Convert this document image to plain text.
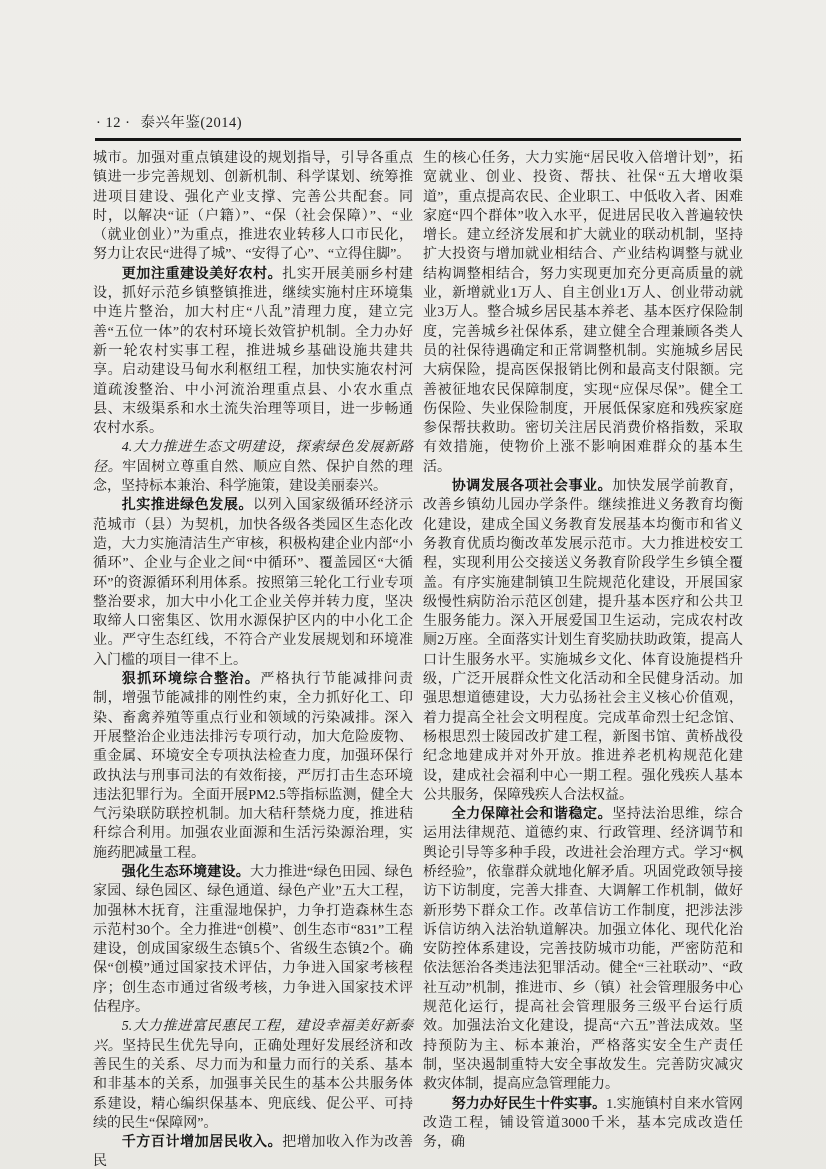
· 12 · 泰兴年鉴(2014)

城市。加强对重点镇建设的规划指导，引导各重点镇进一步完善规划、创新机制、科学谋划、统筹推进项目建设、强化产业支撑、完善公共配套。同时，以解决“证（户籍）”、“保（社会保障）”、“业（就业创业）”为重点，推进农业转移人口市民化，努力让农民“进得了城”、“安得了心”、“立得住脚”。

更加注重建设美好农村。扎实开展美丽乡村建设，抓好示范乡镇整镇推进，继续实施村庄环境集中连片整治，加大村庄“八乱”清理力度，建立完善“五位一体”的农村环境长效管护机制。全力办好新一轮农村实事工程，推进城乡基础设施共建共享。启动建设马甸水利枢纽工程，加快实施农村河道疏浚整治、中小河流治理重点县、小农水重点县、末级渠系和水土流失治理等项目，进一步畅通农村水系。

4.大力推进生态文明建设，探索绿色发展新路径。牢固树立尊重自然、顺应自然、保护自然的理念，坚持标本兼治、科学施策，建设美丽泰兴。

扎实推进绿色发展。以列入国家级循环经济示范城市（县）为契机，加快各级各类园区生态化改造，大力实施清洁生产审核，积极构建企业内部“小循环”、企业与企业之间“中循环”、覆盖园区“大循环”的资源循环利用体系。按照第三轮化工行业专项整治要求，加大中小化工企业关停并转力度，坚决取缔人口密集区、饮用水源保护区内的中小化工企业。严守生态红线，不符合产业发展规划和环境准入门槛的项目一律不上。

狠抓环境综合整治。严格执行节能减排问责制，增强节能减排的刚性约束，全力抓好化工、印染、畜禽养殖等重点行业和领域的污染减排。深入开展整治企业违法排污专项行动，加大危险废物、重金属、环境安全专项执法检查力度，加强环保行政执法与刑事司法的有效衔接，严厉打击生态环境违法犯罪行为。全面开展PM2.5等指标监测，健全大气污染联防联控机制。加大秸秆禁烧力度，推进秸秆综合利用。加强农业面源和生活污染源治理，实施药肥减量工程。

强化生态环境建设。大力推进“绿色田园、绿色家园、绿色园区、绿色通道、绿色产业”五大工程，加强林木抚育，注重湿地保护，力争打造森林生态示范村30个。全力推进“创模”、创生态市“831”工程建设，创成国家级生态镇5个、省级生态镇2个。确保“创模”通过国家技术评估，力争进入国家考核程序；创生态市通过省级考核，力争进入国家技术评估程序。

5.大力推进富民惠民工程，建设幸福美好新泰兴。坚持民生优先导向，正确处理好发展经济和改善民生的关系、尽力而为和量力而行的关系、基本和非基本的关系，加强事关民生的基本公共服务体系建设，精心编织保基本、兜底线、促公平、可持续的民生“保障网”。

千方百计增加居民收入。把增加收入作为改善民

生的核心任务，大力实施“居民收入倍增计划”，拓宽就业、创业、投资、帮扶、社保“五大增收渠道”，重点提高农民、企业职工、中低收入者、困难家庭“四个群体”收入水平，促进居民收入普遍较快增长。建立经济发展和扩大就业的联动机制，坚持扩大投资与增加就业相结合、产业结构调整与就业结构调整相结合，努力实现更加充分更高质量的就业，新增就业1万人、自主创业1万人、创业带动就业3万人。整合城乡居民基本养老、基本医疗保险制度，完善城乡社保体系，建立健全合理兼顾各类人员的社保待遇确定和正常调整机制。实施城乡居民大病保险，提高医保报销比例和最高支付限额。完善被征地农民保障制度，实现“应保尽保”。健全工伤保险、失业保险制度，开展低保家庭和残疾家庭参保帮扶救助。密切关注居民消费价格指数，采取有效措施，使物价上涨不影响困难群众的基本生活。

协调发展各项社会事业。加快发展学前教育，改善乡镇幼儿园办学条件。继续推进义务教育均衡化建设，建成全国义务教育发展基本均衡市和省义务教育优质均衡改革发展示范市。大力推进校安工程，实现利用公交接送义务教育阶段学生乡镇全覆盖。有序实施建制镇卫生院规范化建设，开展国家级慢性病防治示范区创建，提升基本医疗和公共卫生服务能力。深入开展爱国卫生运动，完成农村改厕2万座。全面落实计划生育奖励扶助政策，提高人口计生服务水平。实施城乡文化、体育设施提档升级，广泛开展群众性文化活动和全民健身活动。加强思想道德建设，大力弘扬社会主义核心价值观，着力提高全社会文明程度。完成革命烈士纪念馆、杨根思烈士陵园改扩建工程，新图书馆、黄桥战役纪念地建成并对外开放。推进养老机构规范化建设，建成社会福利中心一期工程。强化残疾人基本公共服务，保障残疾人合法权益。

全力保障社会和谐稳定。坚持法治思维，综合运用法律规范、道德约束、行政管理、经济调节和舆论引导等多种手段，改进社会治理方式。学习“枫桥经验”，依靠群众就地化解矛盾。巩固党政领导接访下访制度，完善大排查、大调解工作机制，做好新形势下群众工作。改革信访工作制度，把涉法涉诉信访纳入法治轨道解决。加强立体化、现代化治安防控体系建设，完善技防城市功能，严密防范和依法惩治各类违法犯罪活动。健全“三社联动”、“政社互动”机制，推进市、乡（镇）社会管理服务中心规范化运行，提高社会管理服务三级平台运行质效。加强法治文化建设，提高“六五”普法成效。坚持预防为主、标本兼治，严格落实安全生产责任制，坚决遏制重特大安全事故发生。完善防灾减灾救灾体制，提高应急管理能力。

努力办好民生十件实事。1.实施镇村自来水管网改造工程，铺设管道3000千米，基本完成改造任务，确
